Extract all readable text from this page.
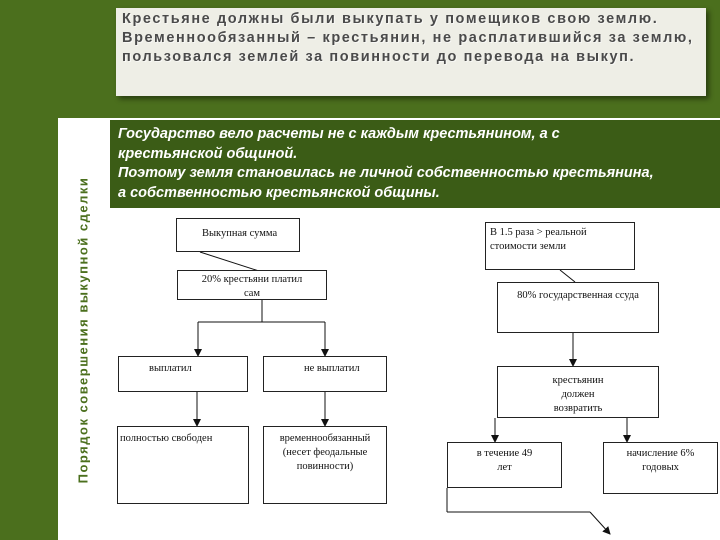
Крестьяне должны были выкупать у помещиков свою землю. Временнообязанный – крестьянин, не расплатившийся за землю, пользовался землей за повинности до перевода на выкуп.
Порядок совершения выкупной сделки
Государство вело расчеты не с каждым крестьянином, а с
крестьянской общиной.
Поэтому земля становилась не личной собственностью крестьянина,
а собственностью крестьянской общины.
Выкупная сумма	В 1.5 раза > реальной стоимости земли
20% крестьяни платил сам	80% государственная ссуда
выплатил	не выплатил
полностью свободен	временнообязанный (несет феодальные повинности)
крестьянин должен возвратить
в течение 49 лет
начисление 6% годовых
